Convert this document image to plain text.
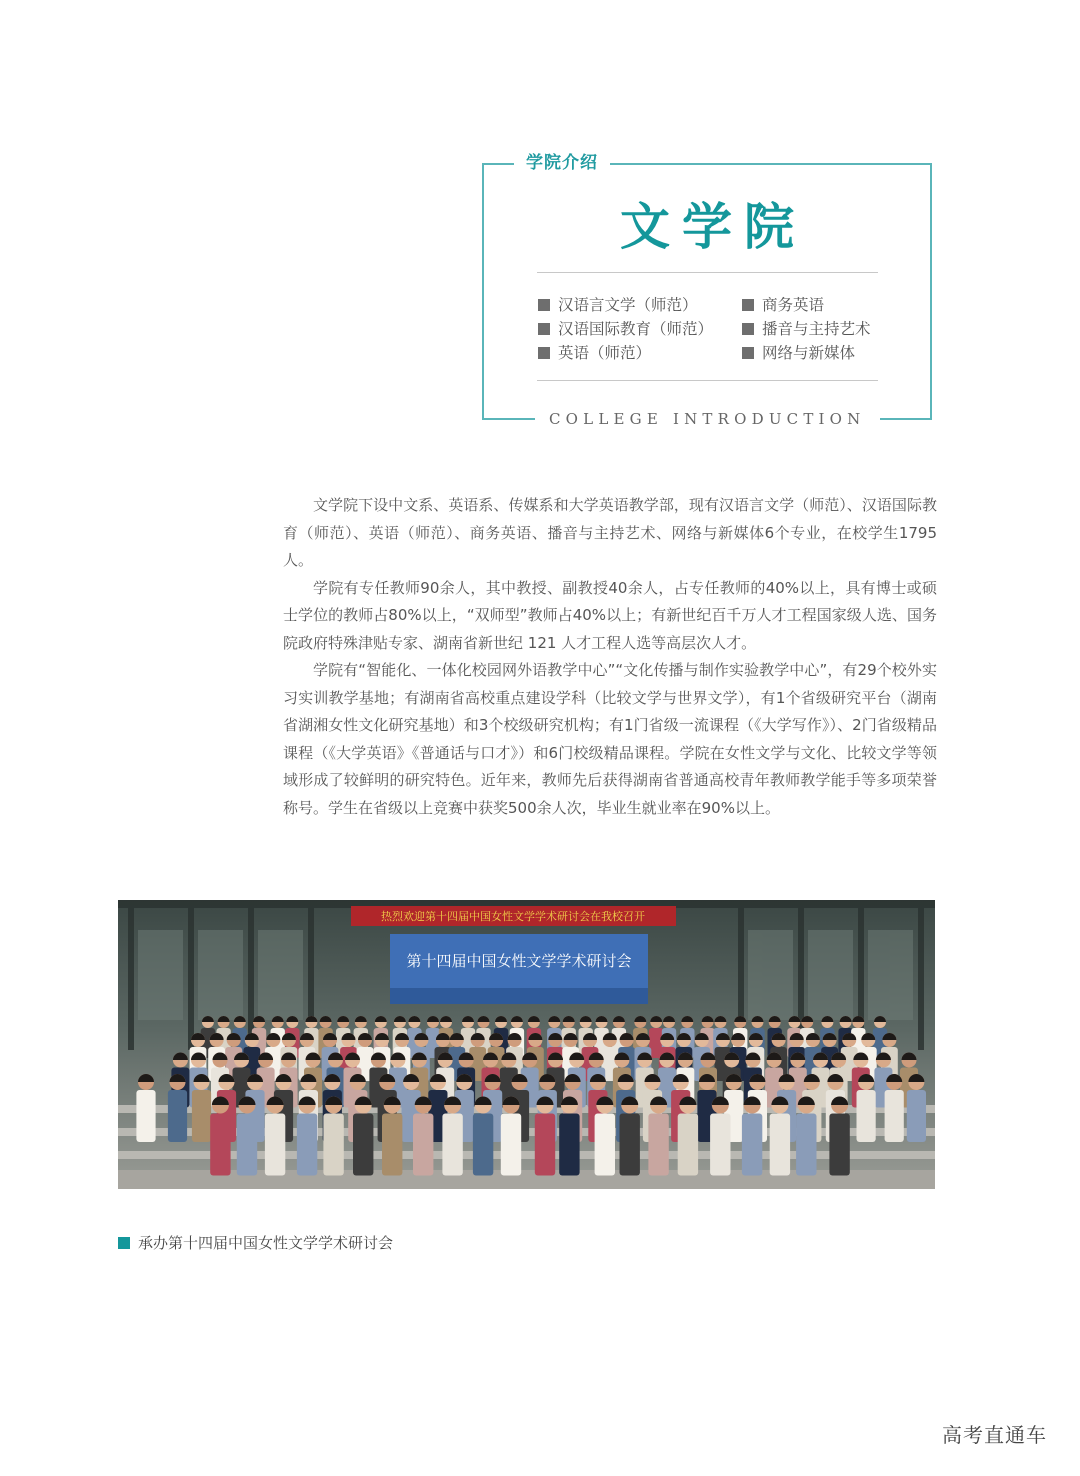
学院介绍
文学院
汉语言文学（师范）
汉语国际教育（师范）
英语（师范）
商务英语
播音与主持艺术
网络与新媒体
COLLEGE INTRODUCTION

文学院下设中文系、英语系、传媒系和大学英语教学部，现有汉语言文学（师范）、汉语国际教育（师范）、英语（师范）、商务英语、播音与主持艺术、网络与新媒体6个专业，在校学生1795人。

学院有专任教师90余人，其中教授、副教授40余人，占专任教师的40%以上，具有博士或硕士学位的教师占80%以上，“双师型”教师占40%以上；有新世纪百千万人才工程国家级人选、国务院政府特殊津贴专家、湖南省新世纪 121 人才工程人选等高层次人才。

学院有“智能化、一体化校园网外语教学中心”“文化传播与制作实验教学中心”，有29个校外实习实训教学基地；有湖南省高校重点建设学科（比较文学与世界文学），有1个省级研究平台（湖南省湖湘女性文化研究基地）和3个校级研究机构；有1门省级一流课程（《大学写作》）、2门省级精品课程（《大学英语》《普通话与口才》）和6门校级精品课程。学院在女性文学与文化、比较文学等领域形成了较鲜明的研究特色。近年来，教师先后获得湖南省普通高校青年教师教学能手等多项荣誉称号。学生在省级以上竞赛中获奖500余人次，毕业生就业率在90%以上。

热烈欢迎第十四届中国女性文学学术研讨会在我校召开
第十四届中国女性文学学术研讨会
承办第十四届中国女性文学学术研讨会
高考直通车
